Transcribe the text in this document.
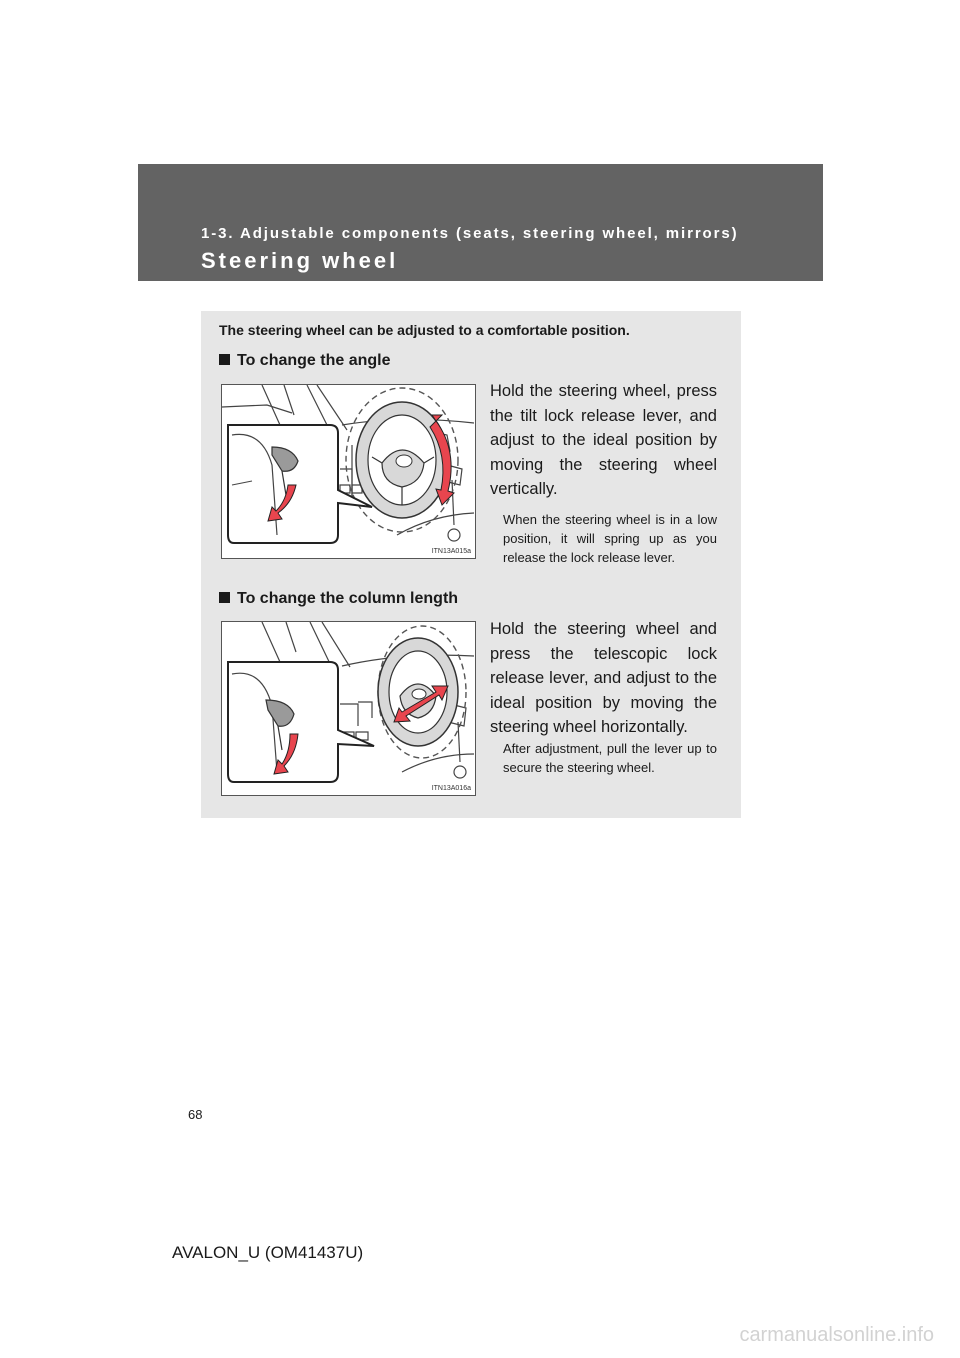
1-3. Adjustable components (seats, steering wheel, mirrors)
Steering wheel
The steering wheel can be adjusted to a comfortable position.
To change the angle
ITN13A015a
Hold the steering wheel, press the tilt lock release lever, and adjust to the ideal position by moving the steering wheel vertically.
When the steering wheel is in a low position, it will spring up as you release the lock release lever.
To change the column length
ITN13A016a
Hold the steering wheel and press the telescopic lock release lever, and adjust to the ideal position by moving the steering wheel horizontally.
After adjustment, pull the lever up to secure the steering wheel.
68
AVALON_U (OM41437U)
carmanualsonline.info
